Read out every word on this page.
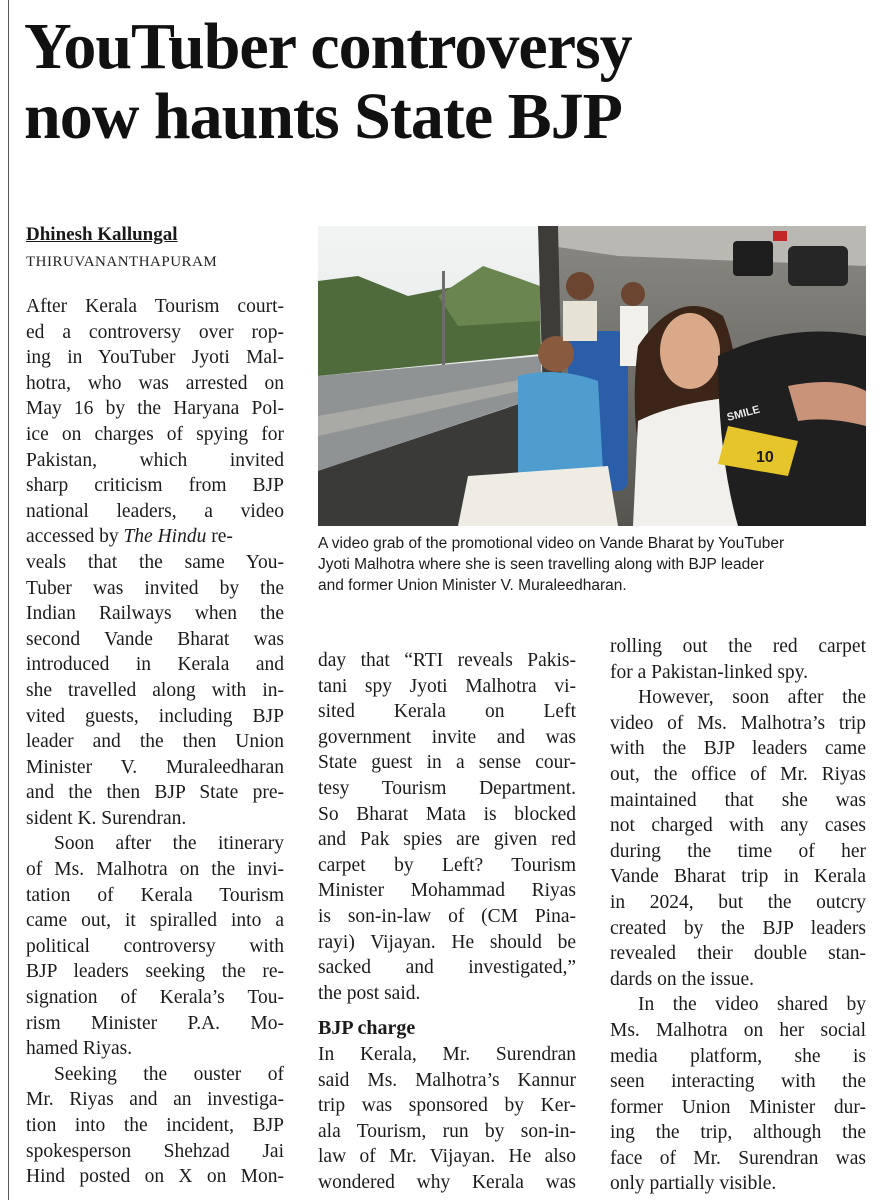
YouTuber controversy
now haunts State BJP
Dhinesh Kallungal
THIRUVANANTHAPURAM
10
SMILE
A video grab of the promotional video on Vande Bharat by YouTuber
Jyoti Malhotra where she is seen travelling along with BJP leader
and former Union Minister V. Muraleedharan.
After Kerala Tourism court-
ed a controversy over rop-
ing in YouTuber Jyoti Mal-
hotra, who was arrested on
May 16 by the Haryana Pol-
ice on charges of spying for
Pakistan, which invited
sharp criticism from BJP
national leaders, a video
accessed by The Hindu re-
veals that the same You-
Tuber was invited by the
Indian Railways when the
second Vande Bharat was
introduced in Kerala and
she travelled along with in-
vited guests, including BJP
leader and the then Union
Minister V. Muraleedharan
and the then BJP State pre-
sident K. Surendran.
Soon after the itinerary
of Ms. Malhotra on the invi-
tation of Kerala Tourism
came out, it spiralled into a
political controversy with
BJP leaders seeking the re-
signation of Kerala’s Tou-
rism Minister P.A. Mo-
hamed Riyas.
Seeking the ouster of
Mr. Riyas and an investiga-
tion into the incident, BJP
spokesperson Shehzad Jai
Hind posted on X on Mon-
day that “RTI reveals Pakis-
tani spy Jyoti Malhotra vi-
sited Kerala on Left
government invite and was
State guest in a sense cour-
tesy Tourism Department.
So Bharat Mata is blocked
and Pak spies are given red
carpet by Left? Tourism
Minister Mohammad Riyas
is son-in-law of (CM Pina-
rayi) Vijayan. He should be
sacked and investigated,”
the post said.
BJP charge
In Kerala, Mr. Surendran
said Ms. Malhotra’s Kannur
trip was sponsored by Ker-
ala Tourism, run by son-in-
law of Mr. Vijayan. He also
wondered why Kerala was
rolling out the red carpet
for a Pakistan-linked spy.
However, soon after the
video of Ms. Malhotra’s trip
with the BJP leaders came
out, the office of Mr. Riyas
maintained that she was
not charged with any cases
during the time of her
Vande Bharat trip in Kerala
in 2024, but the outcry
created by the BJP leaders
revealed their double stan-
dards on the issue.
In the video shared by
Ms. Malhotra on her social
media platform, she is
seen interacting with the
former Union Minister dur-
ing the trip, although the
face of Mr. Surendran was
only partially visible.
